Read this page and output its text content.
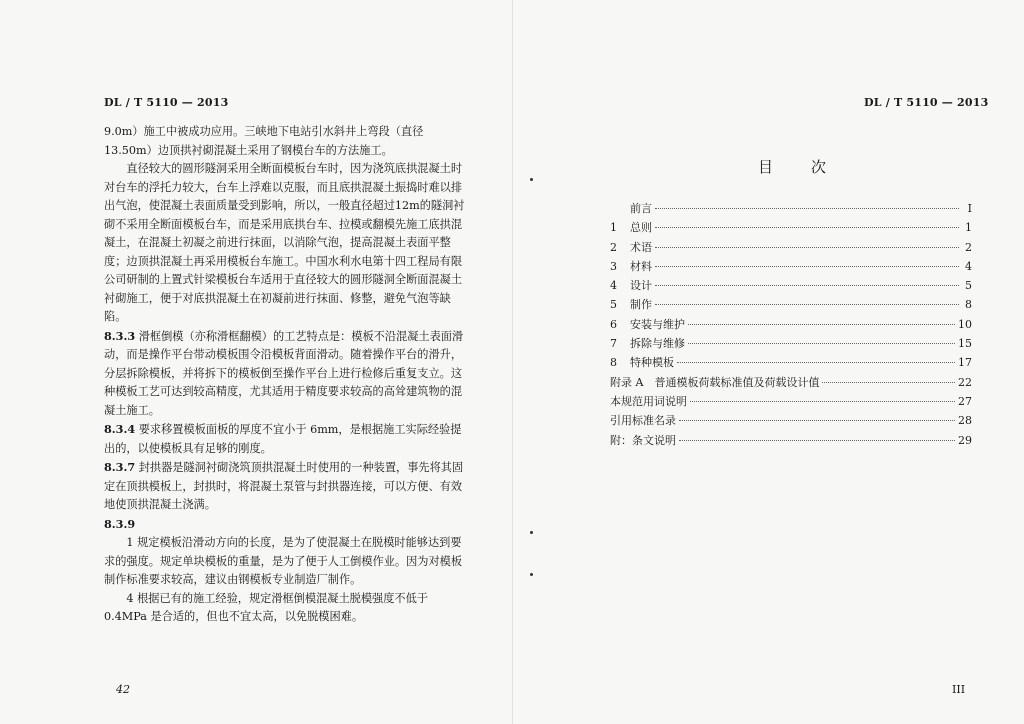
DL / T 5110 — 2013	DL / T 5110 — 2013

9.0m）施工中被成功应用。三峡地下电站引水斜井上弯段（直径13.50m）边顶拱衬砌混凝土采用了钢模台车的方法施工。

直径较大的圆形隧洞采用全断面模板台车时，因为浇筑底拱混凝土时对台车的浮托力较大，台车上浮难以克服，而且底拱混凝土振捣时难以排出气泡，使混凝土表面质量受到影响，所以，一般直径超过12m的隧洞衬砌不采用全断面模板台车，而是采用底拱台车、拉模或翻模先施工底拱混凝土，在混凝土初凝之前进行抹面，以消除气泡，提高混凝土表面平整度；边顶拱混凝土再采用模板台车施工。中国水利水电第十四工程局有限公司研制的上置式针梁模板台车适用于直径较大的圆形隧洞全断面混凝土衬砌施工，便于对底拱混凝土在初凝前进行抹面、修整，避免气泡等缺陷。

8.3.3 滑框倒模（亦称滑框翻模）的工艺特点是：模板不沿混凝土表面滑动，而是操作平台带动模板围令沿模板背面滑动。随着操作平台的滑升，分层拆除模板，并将拆下的模板倒至操作平台上进行检修后重复支立。这种模板工艺可达到较高精度，尤其适用于精度要求较高的高耸建筑物的混凝土施工。

8.3.4 要求移置模板面板的厚度不宜小于 6mm，是根据施工实际经验提出的，以使模板具有足够的刚度。

8.3.7 封拱器是隧洞衬砌浇筑顶拱混凝土时使用的一种装置，事先将其固定在顶拱模板上，封拱时，将混凝土泵管与封拱器连接，可以方便、有效地使顶拱混凝土浇满。

8.3.9

1 规定模板沿滑动方向的长度，是为了使混凝土在脱模时能够达到要求的强度。规定单块模板的重量，是为了便于人工倒模作业。因为对模板制作标准要求较高，建议由钢模板专业制造厂制作。

4 根据已有的施工经验，规定滑框倒模混凝土脱模强度不低于 0.4MPa 是合适的，但也不宜太高，以免脱模困难。

42
目次
前言	I
1	总则	1
2	术语	2
3	材料	4
4	设计	5
5	制作	8
6	安装与维护	10
7	拆除与维修	15
8	特种模板	17
附录 A　普通模板荷载标准值及荷载设计值	22
本规范用词说明	27
引用标准名录	28
附：条文说明	29
III
